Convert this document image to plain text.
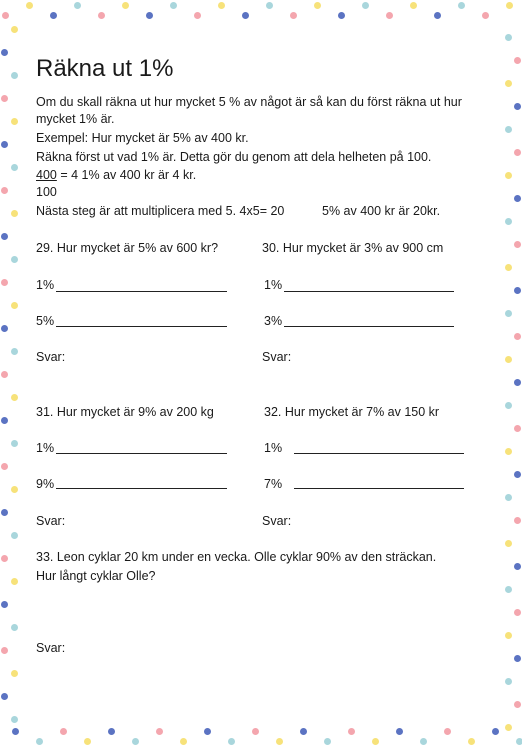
Räkna ut 1%
Om du skall räkna ut hur mycket 5 % av något är så kan du först räkna ut hur
mycket 1% är.
Exempel: Hur mycket är 5% av 400 kr.
Räkna först ut vad 1% är. Detta gör du genom att dela helheten på 100.
400 = 4 1% av 400 kr är 4 kr.
100
Nästa steg är att multiplicera med 5. 4x5= 20	5% av 400 kr är 20kr.
29. Hur mycket är 5% av 600 kr?
1%
5%
Svar:
30. Hur mycket är 3% av 900 cm
1%
3%
Svar:
31. Hur mycket är 9% av 200 kg
1%
9%
Svar:
32. Hur mycket är 7% av 150 kr
1%
7%
Svar:
33. Leon cyklar 20 km under en vecka. Olle cyklar 90% av den sträckan.
Hur långt cyklar Olle?
Svar:
